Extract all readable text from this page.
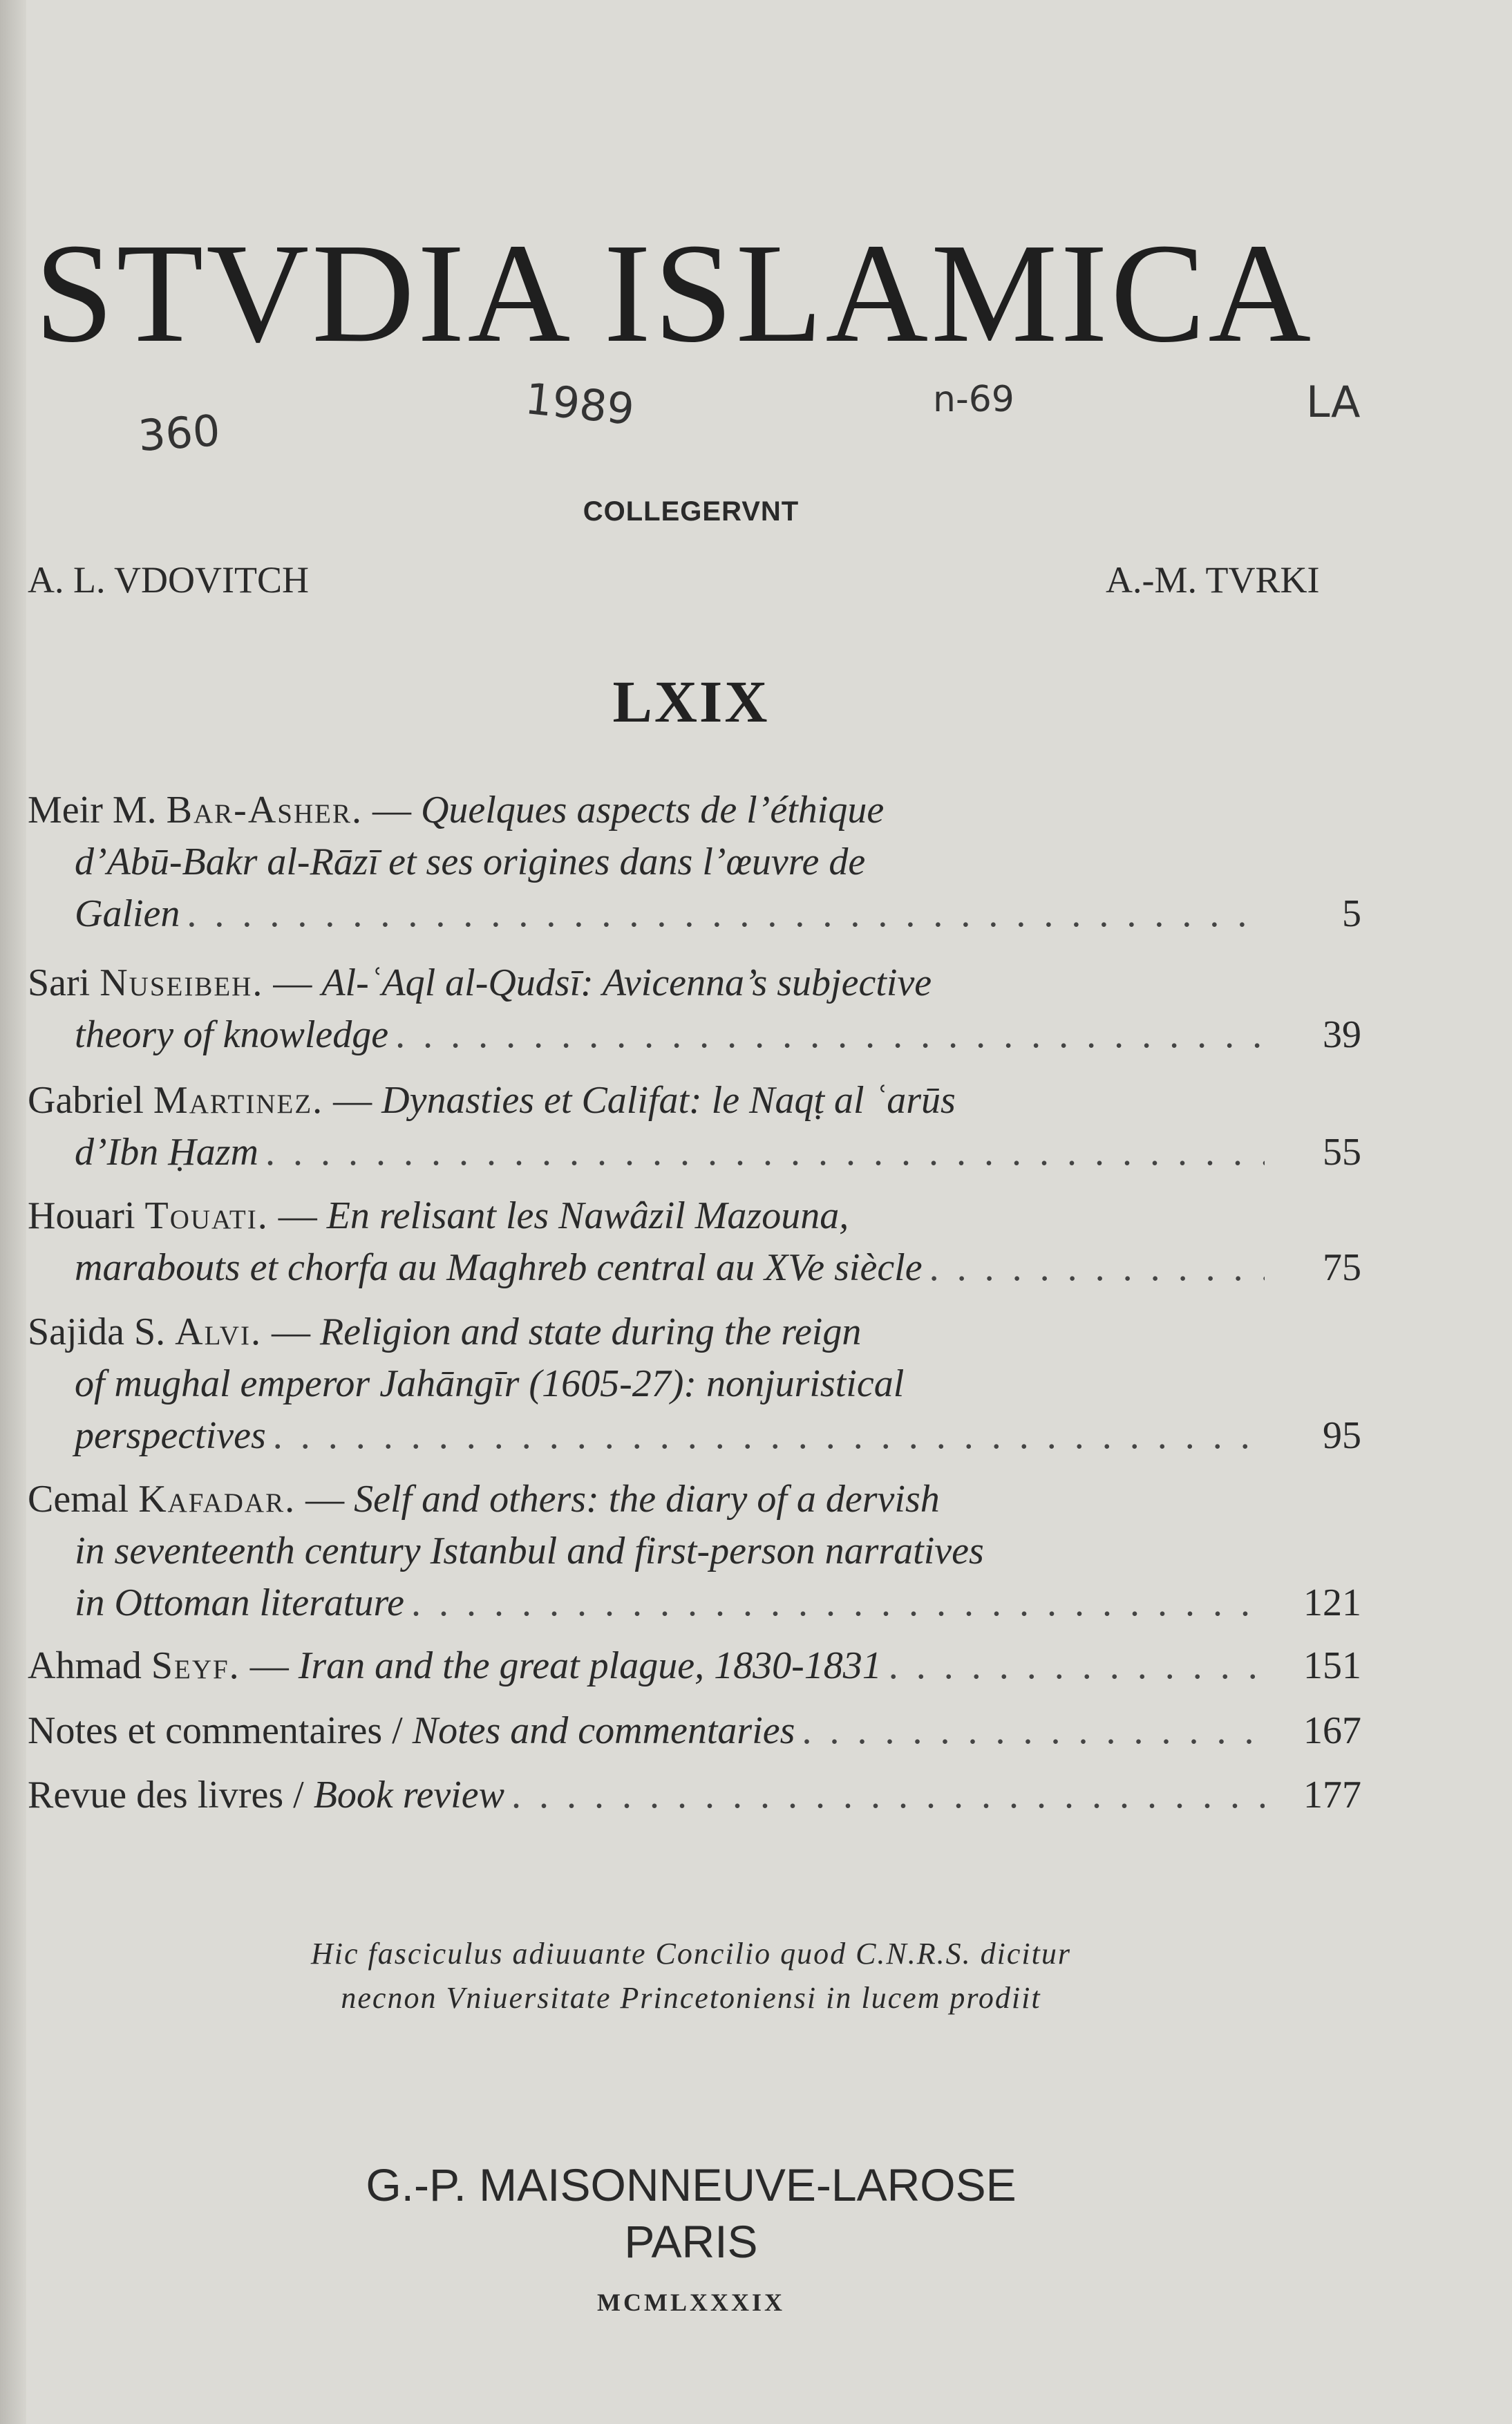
STVDIA ISLAMICA
360	1989	n-69	LA
COLLEGERVNT
A. L. VDOVITCH	A.-M. TVRKI
LXIX
Meir M. Bar-Asher. — Quelques aspects de l’éthique
d’Abū-Bakr al-Rāzī et ses origines dans l’œuvre de
Galien . . .	5
Sari Nuseibeh. — Al-ʿAql al-Qudsī: Avicenna’s subjective
theory of knowledge . . .	39
Gabriel Martinez. — Dynasties et Califat: le Naqṭ al ʿarūs
d’Ibn Ḥazm . . .	55
Houari Touati. — En relisant les Nawâzil Mazouna,
marabouts et chorfa au Maghreb central au XVe siècle . . .	75
Sajida S. Alvi. — Religion and state during the reign
of mughal emperor Jahāngīr (1605-27): nonjuristical
perspectives . . .	95
Cemal Kafadar. — Self and others: the diary of a dervish
in seventeenth century Istanbul and first-person narratives
in Ottoman literature . . .	121
Ahmad Seyf. — Iran and the great plague, 1830-1831 . . .	151
Notes et commentaires / Notes and commentaries . . .	167
Revue des livres / Book review . . .	177
Hic fasciculus adiuuante Concilio quod C.N.R.S. dicitur
necnon Vniuersitate Princetoniensi in lucem prodiit
G.-P. MAISONNEUVE-LAROSE
PARIS
MCMLXXXIX
